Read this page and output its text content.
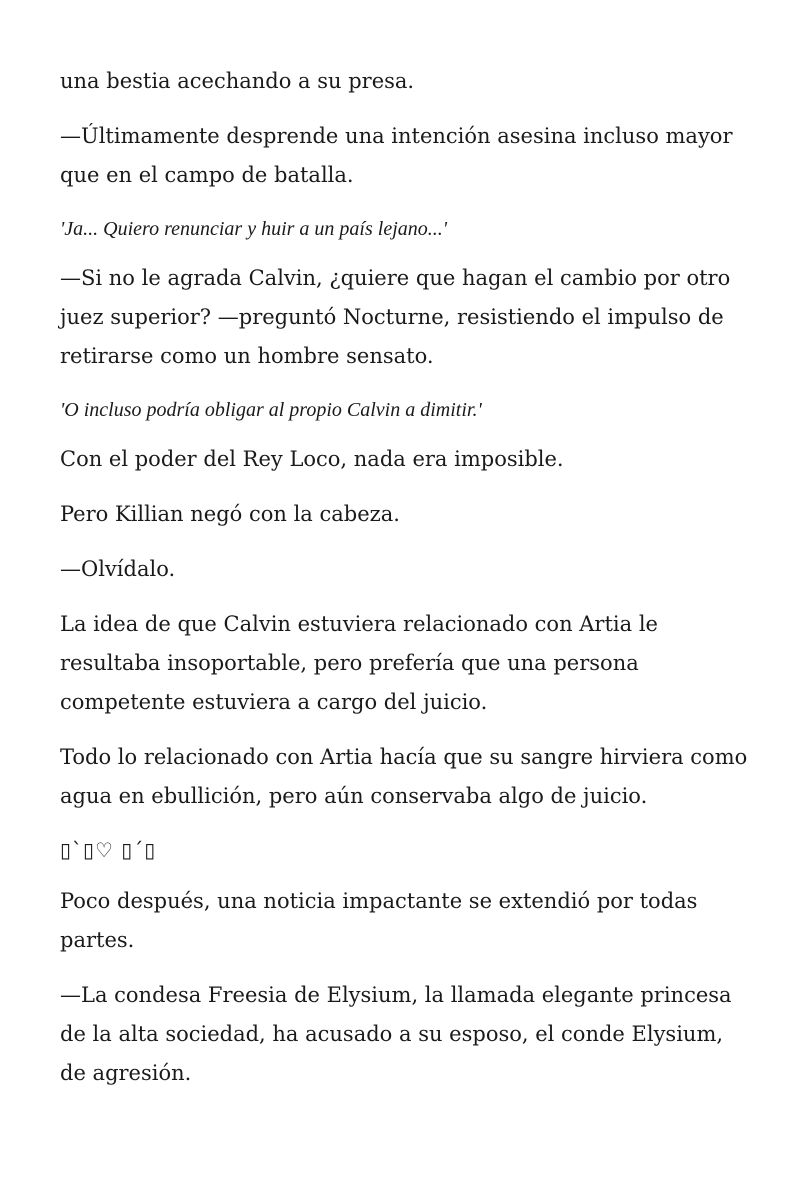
una bestia acechando a su presa.

—Últimamente desprende una intención asesina incluso mayor que en el campo de batalla.

'Ja... Quiero renunciar y huir a un país lejano...'

—Si no le agrada Calvin, ¿quiere que hagan el cambio por otro juez superior? —preguntó Nocturne, resistiendo el impulso de retirarse como un hombre sensato.

'O incluso podría obligar al propio Calvin a dimitir.'

Con el poder del Rey Loco, nada era imposible.

Pero Killian negó con la cabeza.

—Olvídalo.

La idea de que Calvin estuviera relacionado con Artia le resultaba insoportable, pero prefería que una persona competente estuviera a cargo del juicio.

Todo lo relacionado con Artia hacía que su sangre hirviera como agua en ebullición, pero aún conservaba algo de juicio.

▯`▯♡ ▯´▯

Poco después, una noticia impactante se extendió por todas partes.

—La condesa Freesia de Elysium, la llamada elegante princesa de la alta sociedad, ha acusado a su esposo, el conde Elysium, de agresión.
